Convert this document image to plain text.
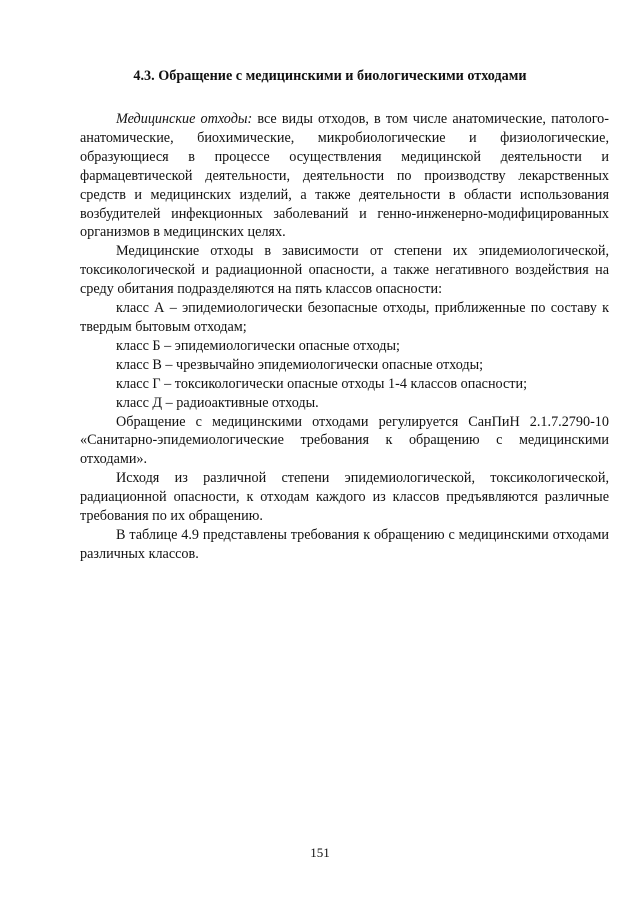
4.3. Обращение с медицинскими и биологическими отходами

Медицинские отходы: все виды отходов, в том числе анатомические, патолого-анатомические, биохимические, микробиологические и физиологические, образующиеся в процессе осуществления медицинской деятельности и фармацевтической деятельности, деятельности по производству лекарственных средств и медицинских изделий, а также деятельности в области использования возбудителей инфекционных заболеваний и генно-инженерно-модифицированных организмов в медицинских целях.

Медицинские отходы в зависимости от степени их эпидемиологической, токсикологической и радиационной опасности, а также негативного воздействия на среду обитания подразделяются на пять классов опасности:

класс А – эпидемиологически безопасные отходы, приближенные по составу к твердым бытовым отходам;

класс Б – эпидемиологически опасные отходы;

класс В – чрезвычайно эпидемиологически опасные отходы;

класс Г – токсикологически опасные отходы 1-4 классов опасности;

класс Д – радиоактивные отходы.

Обращение с медицинскими отходами регулируется СанПиН 2.1.7.2790-10 «Санитарно-эпидемиологические требования к обращению с медицинскими отходами».

Исходя из различной степени эпидемиологической, токсикологической, радиационной опасности, к отходам каждого из классов предъявляются различные требования по их обращению.

В таблице 4.9 представлены требования к обращению с медицинскими отходами различных классов.

151
